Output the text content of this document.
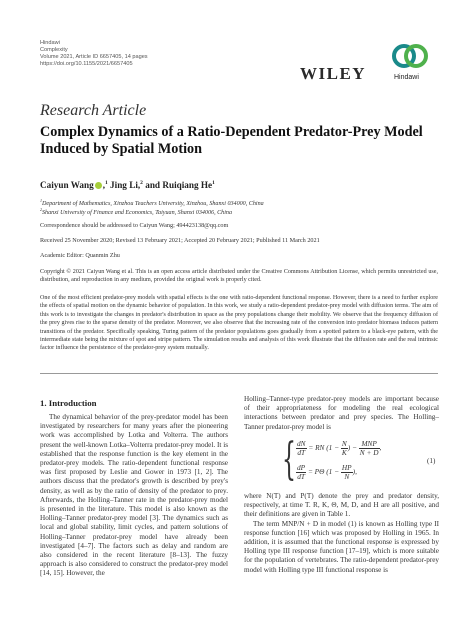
Hindawi
Complexity
Volume 2021, Article ID 6657405, 14 pages
https://doi.org/10.1155/2021/6657405	WILEY	Hindawi
Research Article
Complex Dynamics of a Ratio-Dependent Predator-Prey Model Induced by Spatial Motion
Caiyun Wang ,$^1$ Jing Li,$^2$ and Ruiqiang He$^1$
$^1$Department of Mathematics, Xinzhou Teachers University, Xinzhou, Shanxi 034000, China
$^2$Shanxi University of Finance and Economics, Taiyuan, Shanxi 034006, China
Correspondence should be addressed to Caiyun Wang; 494423138@qq.com
Received 25 November 2020; Revised 13 February 2021; Accepted 20 February 2021; Published 11 March 2021
Academic Editor: Quanmin Zhu
Copyright © 2021 Caiyun Wang et al. This is an open access article distributed under the Creative Commons Attribution License, which permits unrestricted use, distribution, and reproduction in any medium, provided the original work is properly cited.
One of the most efficient predator-prey models with spatial effects is the one with ratio-dependent functional response. However, there is a need to further explore the effects of spatial motion on the dynamic behavior of population. In this work, we study a ratio-dependent predator-prey model with diffusion terms. The aim of this work is to investigate the changes in predator's distribution in space as the prey populations change their mobility. We observe that the frequency diffusion of the prey gives rise to the sparse density of the predator. Moreover, we also observe that the increasing rate of the conversion into predator biomass induces pattern transitions of the predator. Specifically speaking, Turing pattern of the predator populations goes gradually from a spotted pattern to a black-eye pattern, with the intermediate state being the mixture of spot and stripe pattern. The simulation results and analysis of this work illustrate that the diffusion rate and the real intrinsic factor influence the persistence of the predator-prey system mutually.
1. Introduction

The dynamical behavior of the prey-predator model has been investigated by researchers for many years after the pioneering work was accomplished by Lotka and Volterra. The authors present the well-known Lotka–Volterra predator-prey model. It is established that the response function is the key element in the predator-prey models. The ratio-dependent functional response was first proposed by Leslie and Gower in 1973 [1, 2]. The authors discuss that the predator's growth is described by prey's density, as well as by the ratio of density of the predator to prey. Afterwards, the Holling–Tanner rate in the predator-prey model is presented in the literature. This model is also known as the Holling–Tanner predator-prey model [3]. The dynamics such as local and global stability, limit cycles, and pattern solutions of Holling–Tanner predator-prey model have already been investigated [4–7]. The factors such as delay and random are also considered in the recent literature [8–13]. The fuzzy approach is also considered to construct the predator-prey model [14, 15]. However, the

Holling–Tanner-type predator-prey models are important because of their appropriateness for modeling the real ecological interactions between predator and prey species. The Holling–Tanner predator-prey model is

{ $\frac{dN}{dT}$ = RN ($1 - \frac{N}{K}$ ) − $\frac{\text{MNP}}{N + D}$ ,
$\frac{dP}{dT} = P\Theta$ ($1 - \frac{HP}{N}$ ),
(1)

where N(T) and P(T) denote the prey and predator density, respectively, at time T. R, K, Θ, M, D, and H are all positive, and their definitions are given in Table 1.

The term MNP/N + D in model (1) is known as Holling type II response function [16] which was proposed by Holling in 1965. In addition, it is assumed that the functional response is expressed by Holling type III response function [17–19], which is more suitable for the population of vertebrates. The ratio-dependent predator-prey model with Holling type III functional response is
